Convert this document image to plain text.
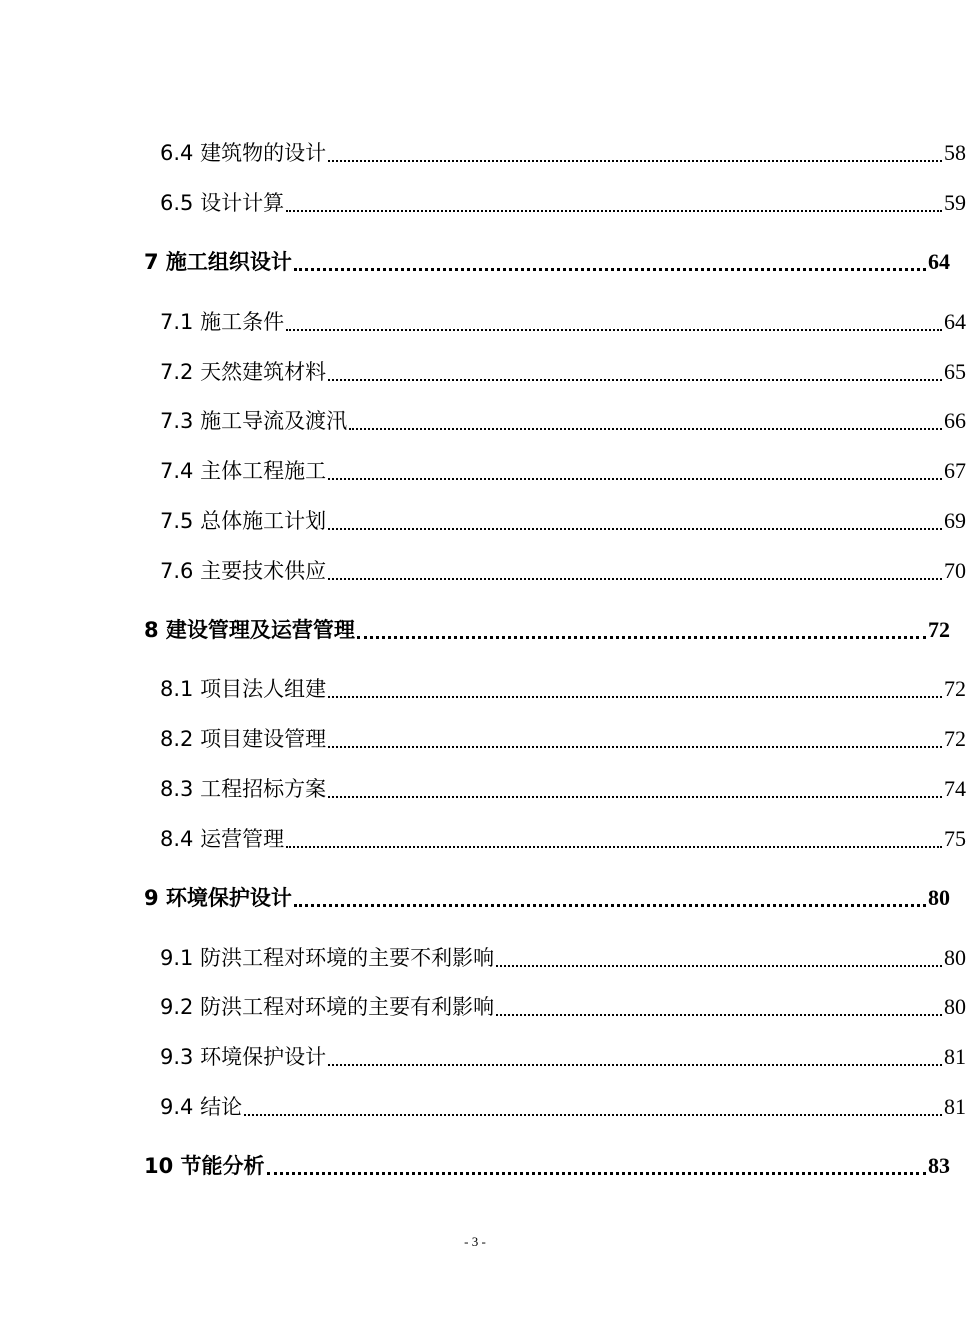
6.4 建筑物的设计	58
6.5 设计计算	59
7 施工组织设计	64
7.1 施工条件	64
7.2 天然建筑材料	65
7.3 施工导流及渡汛	66
7.4 主体工程施工	67
7.5 总体施工计划	69
7.6 主要技术供应	70
8 建设管理及运营管理	72
8.1 项目法人组建	72
8.2 项目建设管理	72
8.3 工程招标方案	74
8.4 运营管理	75
9 环境保护设计	80
9.1 防洪工程对环境的主要不利影响	80
9.2 防洪工程对环境的主要有利影响	80
9.3 环境保护设计	81
9.4 结论	81
10 节能分析	83
- 3 -
